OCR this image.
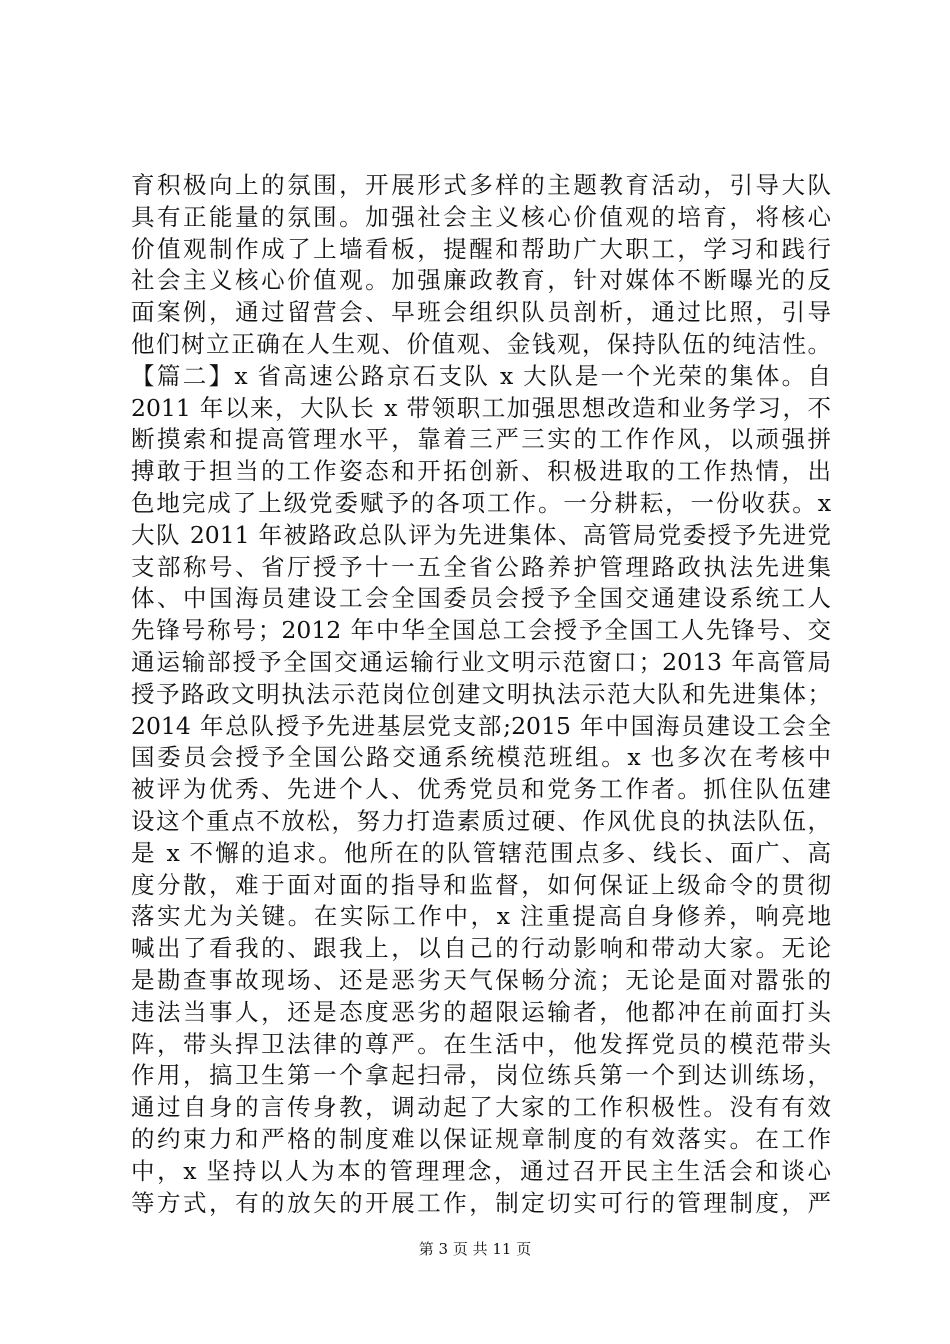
育积极向上的氛围，开展形式多样的主题教育活动，引导大队
具有正能量的氛围。加强社会主义核心价值观的培育，将核心
价值观制作成了上墙看板，提醒和帮助广大职工，学习和践行
社会主义核心价值观。加强廉政教育，针对媒体不断曝光的反
面案例，通过留营会、早班会组织队员剖析，通过比照，引导
他们树立正确在人生观、价值观、金钱观，保持队伍的纯洁性。
【篇二】x 省高速公路京石支队 x 大队是一个光荣的集体。自
2011 年以来，大队长 x 带领职工加强思想改造和业务学习，不
断摸索和提高管理水平，靠着三严三实的工作作风，以顽强拼
搏敢于担当的工作姿态和开拓创新、积极进取的工作热情，出
色地完成了上级党委赋予的各项工作。一分耕耘，一份收获。x
大队 2011 年被路政总队评为先进集体、高管局党委授予先进党
支部称号、省厅授予十一五全省公路养护管理路政执法先进集
体、中国海员建设工会全国委员会授予全国交通建设系统工人
先锋号称号；2012 年中华全国总工会授予全国工人先锋号、交
通运输部授予全国交通运输行业文明示范窗口；2013 年高管局
授予路政文明执法示范岗位创建文明执法示范大队和先进集体；
2014 年总队授予先进基层党支部;2015 年中国海员建设工会全
国委员会授予全国公路交通系统模范班组。x 也多次在考核中
被评为优秀、先进个人、优秀党员和党务工作者。抓住队伍建
设这个重点不放松，努力打造素质过硬、作风优良的执法队伍，
是 x 不懈的追求。他所在的队管辖范围点多、线长、面广、高
度分散，难于面对面的指导和监督，如何保证上级命令的贯彻
落实尤为关键。在实际工作中，x 注重提高自身修养，响亮地
喊出了看我的、跟我上，以自己的行动影响和带动大家。无论
是勘查事故现场、还是恶劣天气保畅分流；无论是面对嚣张的
违法当事人，还是态度恶劣的超限运输者，他都冲在前面打头
阵，带头捍卫法律的尊严。在生活中，他发挥党员的模范带头
作用，搞卫生第一个拿起扫帚，岗位练兵第一个到达训练场，
通过自身的言传身教，调动起了大家的工作积极性。没有有效
的约束力和严格的制度难以保证规章制度的有效落实。在工作
中，x 坚持以人为本的管理理念，通过召开民主生活会和谈心
等方式，有的放矢的开展工作，制定切实可行的管理制度，严
第 3 页 共 11 页
